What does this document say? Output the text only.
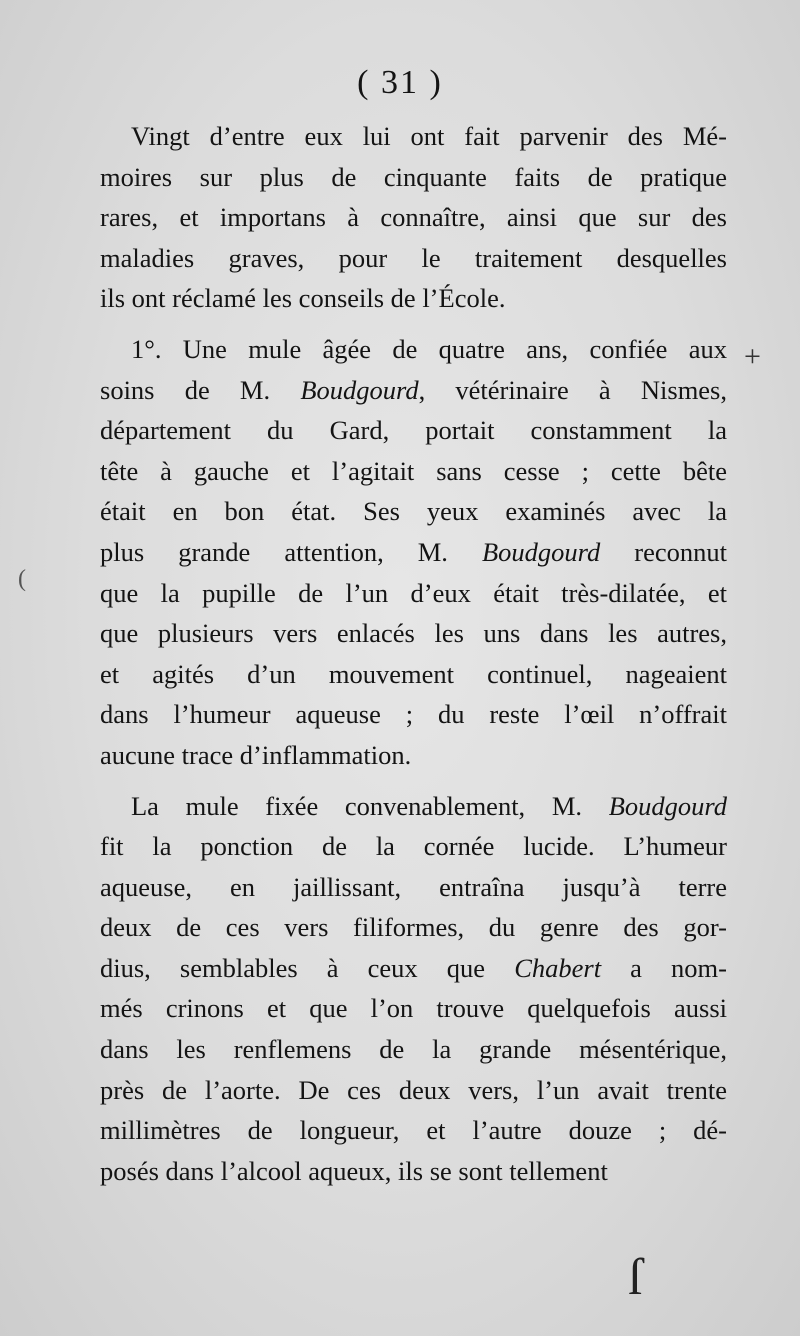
( 31 )
Vingt d’entre eux lui ont fait parvenir des Mé-
moires sur plus de cinquante faits de pratique
rares, et importans à connaître, ainsi que sur des
maladies graves, pour le traitement desquelles
ils ont réclamé les conseils de l’École.
1°. Une mule âgée de quatre ans, confiée aux
soins de M. Boudgourd, vétérinaire à Nismes,
département du Gard, portait constamment la
tête à gauche et l’agitait sans cesse ; cette bête
était en bon état. Ses yeux examinés avec la
plus grande attention, M. Boudgourd reconnut
que la pupille de l’un d’eux était très-dilatée, et
que plusieurs vers enlacés les uns dans les autres,
et agités d’un mouvement continuel, nageaient
dans l’humeur aqueuse ; du reste l’œil n’offrait
aucune trace d’inflammation.
La mule fixée convenablement, M. Boudgourd
fit la ponction de la cornée lucide. L’humeur
aqueuse, en jaillissant, entraîna jusqu’à terre
deux de ces vers filiformes, du genre des gor-
dius, semblables à ceux que Chabert a nom-
més crinons et que l’on trouve quelquefois aussi
dans les renflemens de la grande mésentérique,
près de l’aorte. De ces deux vers, l’un avait trente
millimètres de longueur, et l’autre douze ; dé-
posés dans l’alcool aqueux, ils se sont tellement
+
(
ſ
